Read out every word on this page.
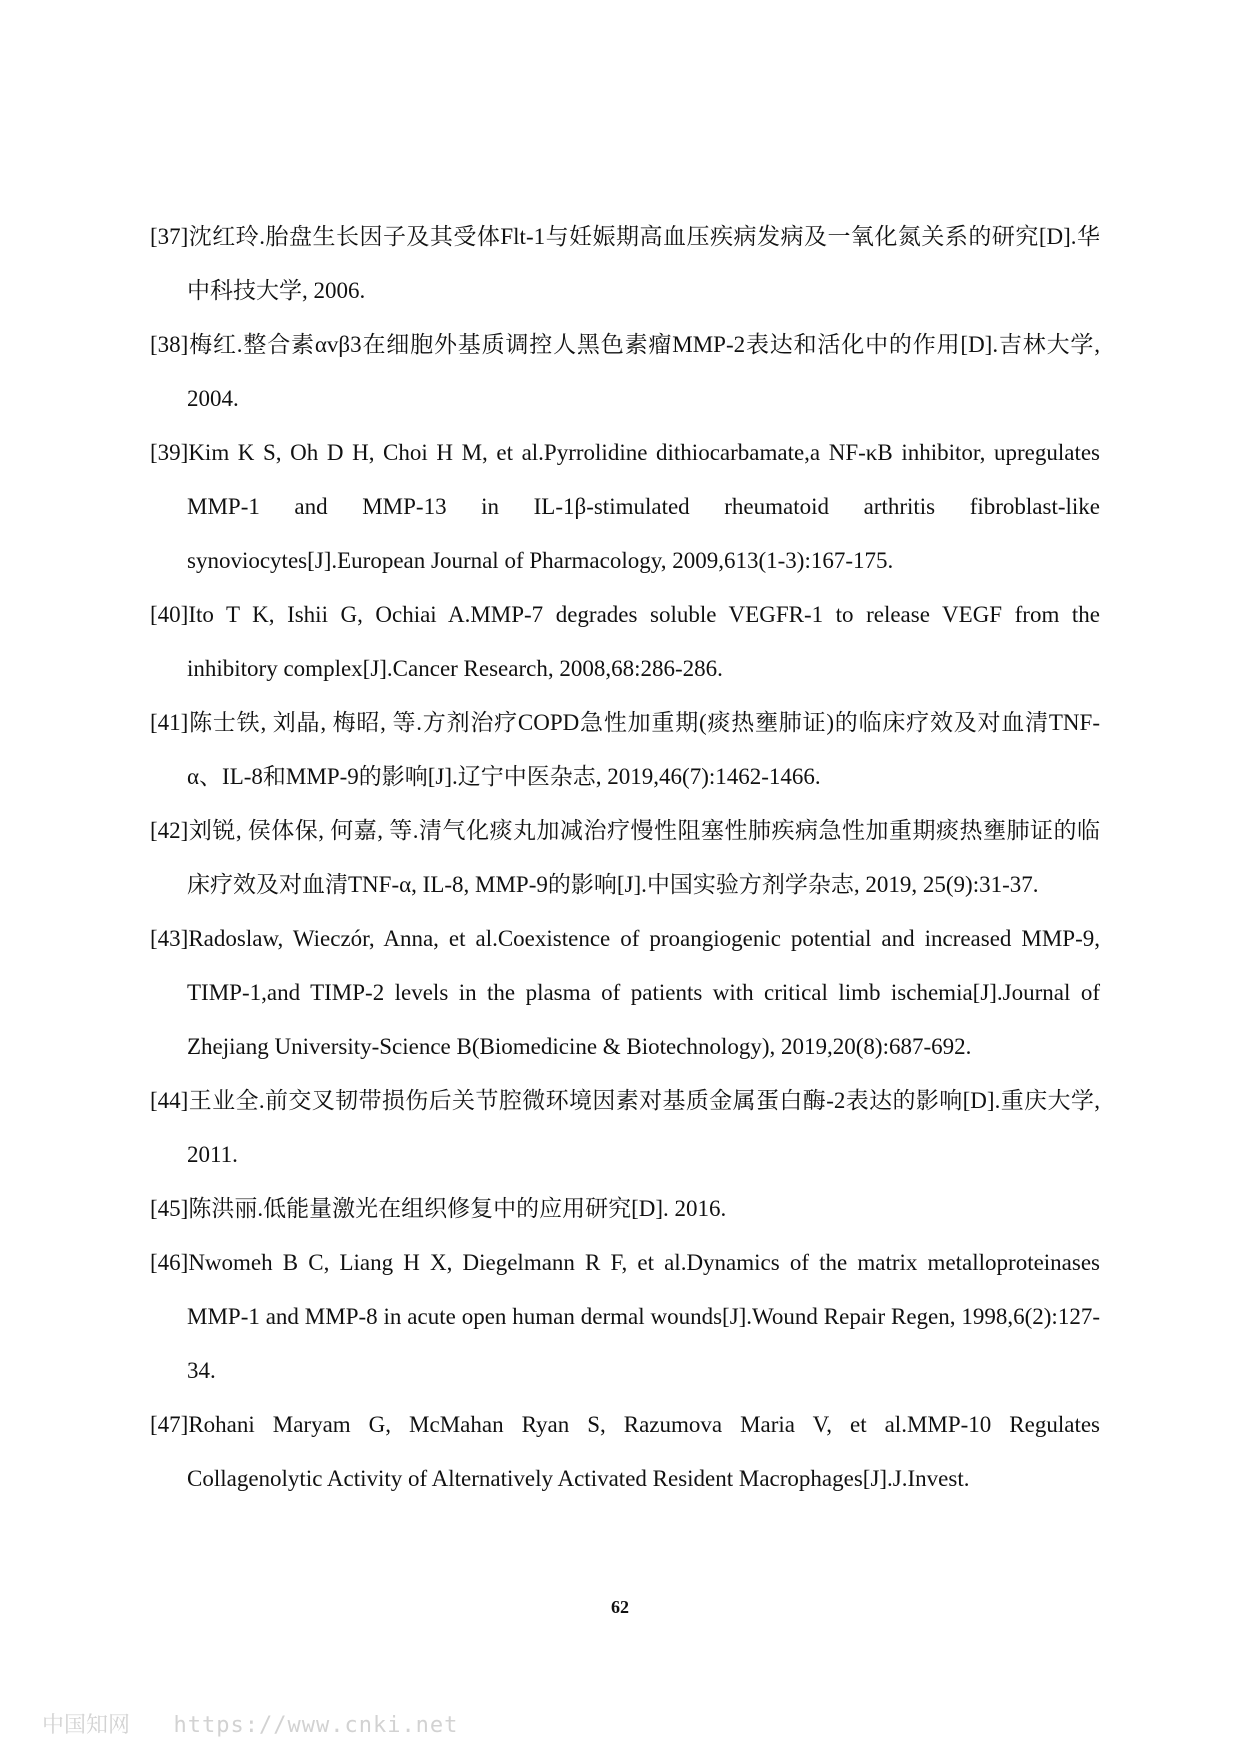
[37]沈红玲.胎盘生长因子及其受体Flt-1与妊娠期高血压疾病发病及一氧化氮关系的研究[D].华中科技大学, 2006.

[38]梅红.整合素αvβ3在细胞外基质调控人黑色素瘤MMP-2表达和活化中的作用[D].吉林大学, 2004.

[39]Kim K S, Oh D H, Choi H M, et al.Pyrrolidine dithiocarbamate,a NF-κB inhibitor, upregulates MMP-1 and MMP-13 in IL-1β-stimulated rheumatoid arthritis fibroblast-like synoviocytes[J].European Journal of Pharmacology, 2009,613(1-3):167-175.

[40]Ito T K, Ishii G, Ochiai A.MMP-7 degrades soluble VEGFR-1 to release VEGF from the inhibitory complex[J].Cancer Research, 2008,68:286-286.

[41]陈士铁, 刘晶, 梅昭, 等.方剂治疗COPD急性加重期(痰热壅肺证)的临床疗效及对血清TNF-α、IL-8和MMP-9的影响[J].辽宁中医杂志, 2019,46(7):1462-1466.

[42]刘锐, 侯体保, 何嘉, 等.清气化痰丸加减治疗慢性阻塞性肺疾病急性加重期痰热壅肺证的临床疗效及对血清TNF-α, IL-8, MMP-9的影响[J].中国实验方剂学杂志, 2019, 25(9):31-37.

[43]Radoslaw, Wieczór, Anna, et al.Coexistence of proangiogenic potential and increased MMP-9, TIMP-1,and TIMP-2 levels in the plasma of patients with critical limb ischemia[J].Journal of Zhejiang University-Science B(Biomedicine & Biotechnology), 2019,20(8):687-692.

[44]王业全.前交叉韧带损伤后关节腔微环境因素对基质金属蛋白酶-2表达的影响[D].重庆大学, 2011.

[45]陈洪丽.低能量激光在组织修复中的应用研究[D]. 2016.

[46]Nwomeh B C, Liang H X, Diegelmann R F, et al.Dynamics of the matrix metalloproteinases MMP-1 and MMP-8 in acute open human dermal wounds[J].Wound Repair Regen, 1998,6(2):127-34.

[47]Rohani Maryam G, McMahan Ryan S, Razumova Maria V, et al.MMP-10 Regulates Collagenolytic Activity of Alternatively Activated Resident Macrophages[J].J.Invest.

62
中国知网 https://www.cnki.net
